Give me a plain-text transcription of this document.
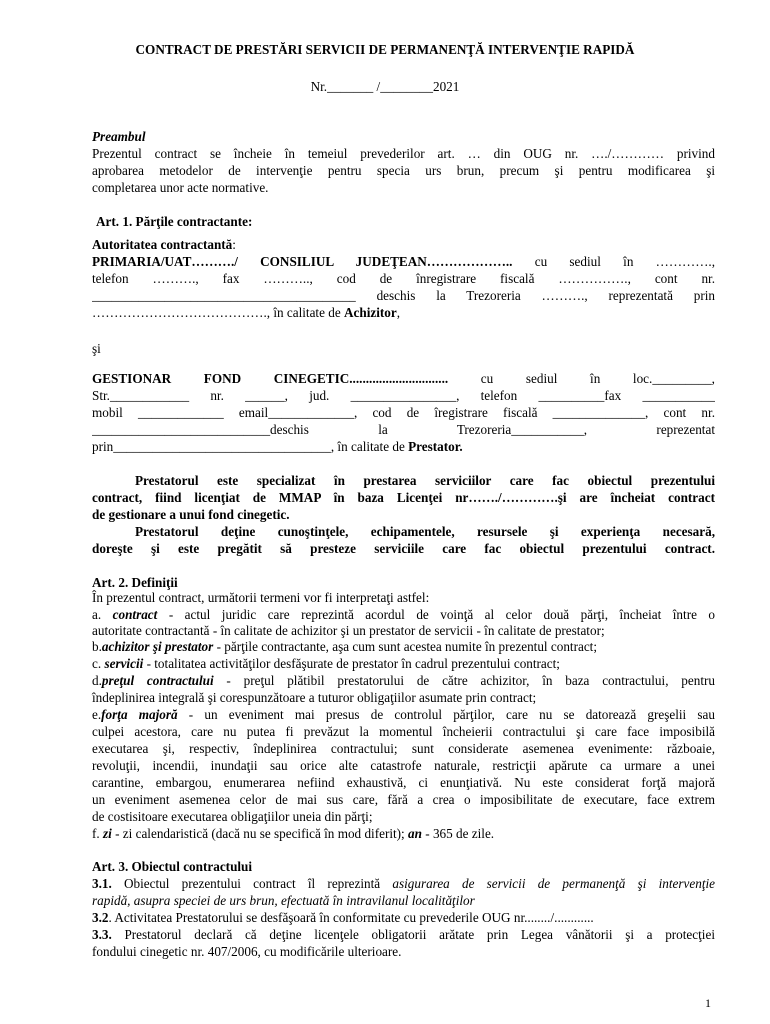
CONTRACT DE PRESTĂRI SERVICII DE PERMANENŢĂ INTERVENŢIE RAPIDĂ
Nr._______ /________2021
Preambul
Prezentul contract se încheie în temeiul prevederilor art. … din OUG nr. …./………… privind
aprobarea metodelor de intervenţie pentru specia urs brun, precum şi pentru modificarea şi
completarea unor acte normative.
Art. 1. Părţile contractante:
Autoritatea contractantă:
PRIMARIA/UAT………./ CONSILIUL JUDEŢEAN……………….. cu sediul în ………….,
telefon ………., fax ……….., cod de înregistrare fiscală ……………., cont nr.
________________________________________ deschis la Trezoreria ………., reprezentată prin
…………………………………., în calitate de Achizitor,
şi
GESTIONAR FOND CINEGETIC.............................. cu sediul în loc._________,
Str.____________ nr. ______, jud. ________________, telefon __________fax ___________
mobil _____________ email_____________, cod de îregistrare fiscală ______________, cont nr.
___________________________deschis la Trezoreria___________, reprezentat
prin_________________________________, în calitate de Prestator.
Prestatorul este specializat în prestarea serviciilor care fac obiectul prezentului
contract, fiind licenţiat de MMAP în baza Licenţei nr……./………….şi are încheiat contract
de gestionare a unui fond cinegetic.
Prestatorul deţine cunoştinţele, echipamentele, resursele şi experienţa necesară,
doreşte şi este pregătit să presteze serviciile care fac obiectul prezentului contract.
Art. 2. Definiţii
În prezentul contract, următorii termeni vor fi interpretaţi astfel:
a. contract - actul juridic care reprezintă acordul de voinţă al celor două părţi, încheiat între o
autoritate contractantă - în calitate de achizitor şi un prestator de servicii - în calitate de prestator;
b.achizitor şi prestator - părţile contractante, aşa cum sunt acestea numite în prezentul contract;
c. servicii - totalitatea activităţilor desfăşurate de prestator în cadrul prezentului contract;
d.preţul contractului - preţul plătibil prestatorului de către achizitor, în baza contractului, pentru
îndeplinirea integrală şi corespunzătoare a tuturor obligaţiilor asumate prin contract;
e.forţa majoră - un eveniment mai presus de controlul părţilor, care nu se datorează greşelii sau
culpei acestora, care nu putea fi prevăzut la momentul încheierii contractului şi care face imposibilă
executarea şi, respectiv, îndeplinirea contractului; sunt considerate asemenea evenimente: războaie,
revoluţii, incendii, inundaţii sau orice alte catastrofe naturale, restricţii apărute ca urmare a unei
carantine, embargou, enumerarea nefiind exhaustivă, ci enunţiativă. Nu este considerat forţă majoră
un eveniment asemenea celor de mai sus care, fără a crea o imposibilitate de executare, face extrem
de costisitoare executarea obligaţiilor uneia din părţi;
f. zi - zi calendaristică (dacă nu se specifică în mod diferit); an - 365 de zile.
Art. 3. Obiectul contractului
3.1. Obiectul prezentului contract îl reprezintă asigurarea de servicii de permanenţă şi intervenţie
rapidă, asupra speciei de urs brun, efectuată în intravilanul localităţilor
3.2. Activitatea Prestatorului se desfăşoară în conformitate cu prevederile OUG nr......../............
3.3. Prestatorul declară că deţine licenţele obligatorii arătate prin Legea vânătorii şi a protecţiei
fondului cinegetic nr. 407/2006, cu modificările ulterioare.
1
